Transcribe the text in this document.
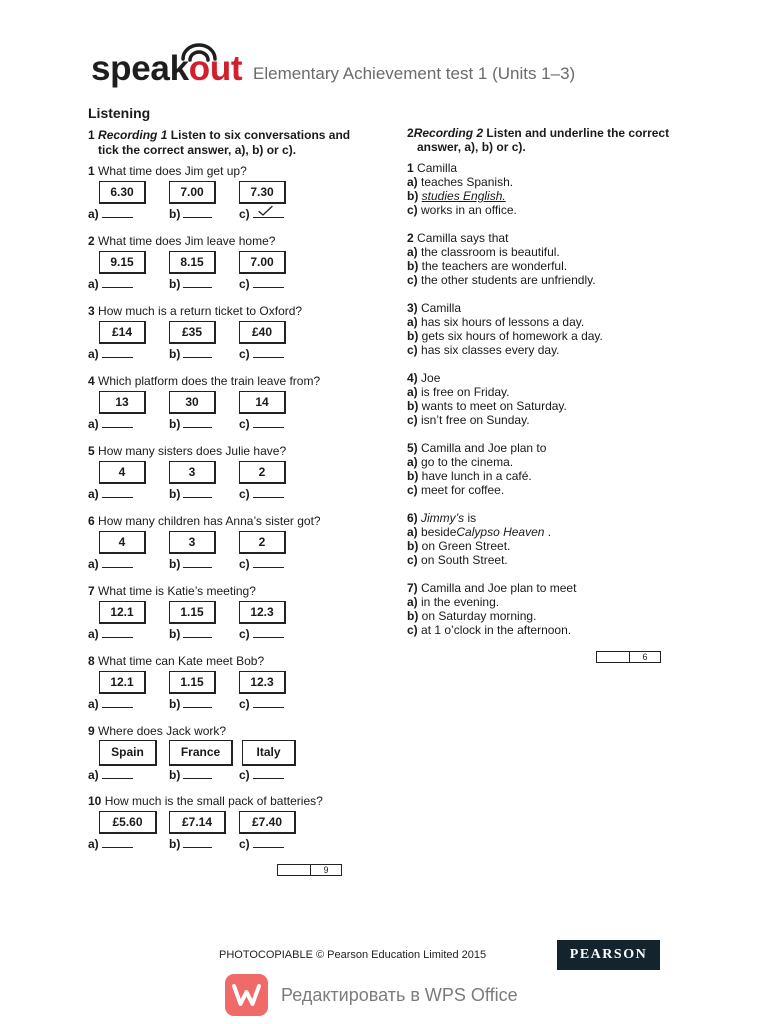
speakout Elementary Achievement test 1 (Units 1–3)
Listening
1 Recording 1 Listen to six conversations and
tick the correct answer, a), b) or c).
2Recording 2 Listen and underline the correct
answer, a), b) or c).
1 What time does Jim get up?
6.30	7.00	7.30
a)	b)	c)
2 What time does Jim leave home?
9.15	8.15	7.00
a)	b)	c)
3 How much is a return ticket to Oxford?
£14	£35	£40
a)	b)	c)
4 Which platform does the train leave from?
13	30	14
a)	b)	c)
5 How many sisters does Julie have?
4	3	2
a)	b)	c)
6 How many children has Anna’s sister got?
4	3	2
a)	b)	c)
7 What time is Katie’s meeting?
12.1	1.15	12.3
a)	b)	c)
8 What time can Kate meet Bob?
12.1	1.15	12.3
a)	b)	c)
9 Where does Jack work?
Spain	France	Italy
a)	b)	c)
10 How much is the small pack of batteries?
£5.60	£7.14	£7.40
a)	b)	c)
1 Camilla
a) teaches Spanish.
b) studies English.
c) works in an office.
2 Camilla says that
a) the classroom is beautiful.
b) the teachers are wonderful.
c) the other students are unfriendly.
3) Camilla
a) has six hours of lessons a day.
b) gets six hours of homework a day.
c) has six classes every day.
4) Joe
a) is free on Friday.
b) wants to meet on Saturday.
c) isn’t free on Sunday.
5) Camilla and Joe plan to
a) go to the cinema.
b) have lunch in a café.
c) meet for coffee.
6) Jimmy’s is
a) besideCalypso Heaven .
b) on Green Street.
c) on South Street.
7) Camilla and Joe plan to meet
a) in the evening.
b) on Saturday morning.
c) at 1 o’clock in the afternoon.
9
6
PHOTOCOPIABLE © Pearson Education Limited 2015	PEARSON
Редактировать в WPS Office
